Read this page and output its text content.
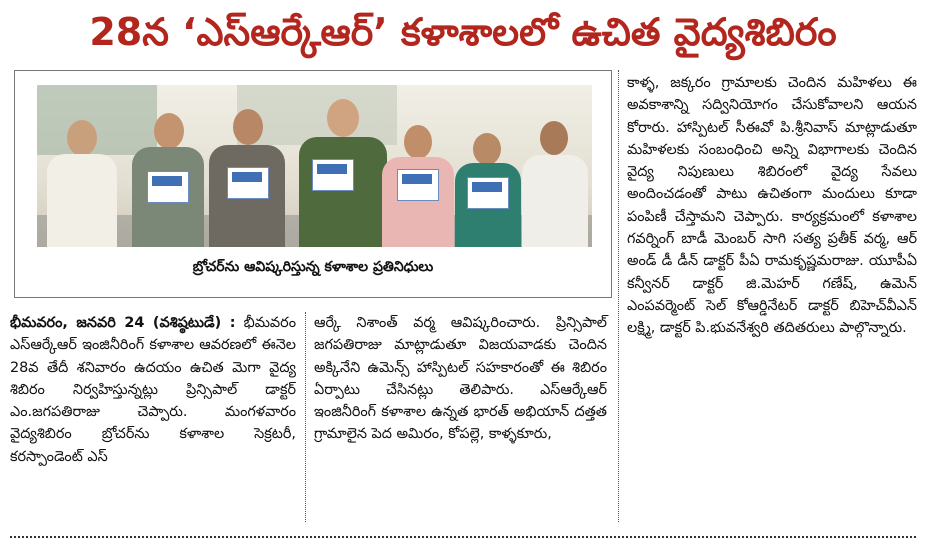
28న ‘ఎస్ఆర్కేఆర్’ కళాశాలలో ఉచిత వైద్యశిబిరం
బ్రోచర్‌ను ఆవిష్కరిస్తున్న కళాశాల ప్రతినిధులు

భీమవరం, జనవరి 24 (వశిష్ఠటుడే) : భీమవరం ఎస్ఆర్కేఆర్ ఇంజినీరింగ్ కళాశాల ఆవరణలో ఈనెల 28వ తేదీ శనివారం ఉదయం ఉచిత మెగా వైద్య శిబిరం నిర్వహిస్తున్నట్లు ప్రిన్సిపాల్ డాక్టర్ ఎం.జగపతిరాజు చెప్పారు. మంగళవారం వైద్యశిబిరం బ్రోచర్‌ను కళాశాల సెక్రటరీ, కరస్పాండెంట్ ఎస్

ఆర్కే నిశాంత్ వర్మ ఆవిష్కరించారు. ప్రిన్సిపాల్ జగపతిరాజు మాట్లాడుతూ విజయవాడకు చెందిన అక్కినేని ఉమెన్స్ హాస్పిటల్ సహకారంతో ఈ శిబిరం ఏర్పాటు చేసినట్లు తెలిపారు. ఎస్ఆర్కేఆర్ ఇంజినీరింగ్ కళాశాల ఉన్నత భారత్ అభియాన్ దత్తత గ్రామాలైన పెద అమిరం, కోపల్లె, కాళ్ళకూరు,

కాళ్ళ, జక్కరం గ్రామాలకు చెందిన మహిళలు ఈ అవకాశాన్ని సద్వినియోగం చేసుకోవాలని ఆయన కోరారు. హాస్పిటల్ సీఈవో పి.శ్రీనివాస్ మాట్లాడుతూ మహిళలకు సంబంధించి అన్ని విభాగాలకు చెందిన వైద్య నిపుణులు శిబిరంలో వైద్య సేవలు అందించడంతో పాటు ఉచితంగా మందులు కూడా పంపిణీ చేస్తామని చెప్పారు. కార్యక్రమంలో కళాశాల గవర్నింగ్ బాడీ మెంబర్ సాగి సత్య ప్రతీక్ వర్మ, ఆర్ అండ్ డీ డీన్ డాక్టర్ పీఏ రామకృష్ణమరాజు. యూపీఏ కన్వీనర్ డాక్టర్ జి.మెహర్ గణేష్, ఉమెన్ ఎంపవర్మెంట్ సెల్ కోఆర్డినేటర్ డాక్టర్ బిహెచ్‌వీఎన్ లక్ష్మి, డాక్టర్ పి.భువనేశ్వరి తదితరులు పాల్గొన్నారు.
